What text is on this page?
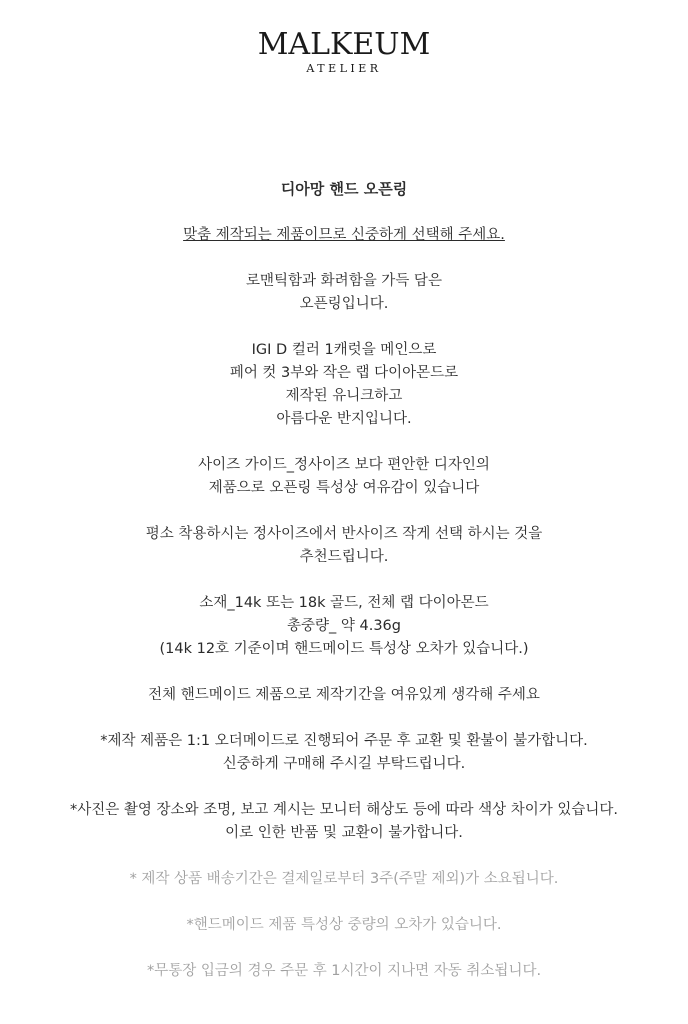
MALKEUM
ATELIER
디아망 핸드 오픈링
맞춤 제작되는 제품이므로 신중하게 선택해 주세요.
로맨틱함과 화려함을 가득 담은
오픈링입니다.
IGI D 컬러 1캐럿을 메인으로
페어 컷 3부와 작은 랩 다이아몬드로
제작된 유니크하고
아름다운 반지입니다.
사이즈 가이드_정사이즈 보다 편안한 디자인의
제품으로 오픈링 특성상 여유감이 있습니다
평소 착용하시는 정사이즈에서 반사이즈 작게 선택 하시는 것을
추천드립니다.
소재_14k 또는 18k 골드, 전체 랩 다이아몬드
총중량_ 약 4.36g
(14k 12호 기준이며 핸드메이드 특성상 오차가 있습니다.)
전체 핸드메이드 제품으로 제작기간을 여유있게 생각해 주세요
*제작 제품은 1:1 오더메이드로 진행되어 주문 후 교환 및 환불이 불가합니다.
신중하게 구매해 주시길 부탁드립니다.
*사진은 촬영 장소와 조명, 보고 계시는 모니터 해상도 등에 따라 색상 차이가 있습니다.
이로 인한 반품 및 교환이 불가합니다.
* 제작 상품 배송기간은 결제일로부터 3주(주말 제외)가 소요됩니다.
*핸드메이드 제품 특성상 중량의 오차가 있습니다.
*무통장 입금의 경우 주문 후 1시간이 지나면 자동 취소됩니다.
